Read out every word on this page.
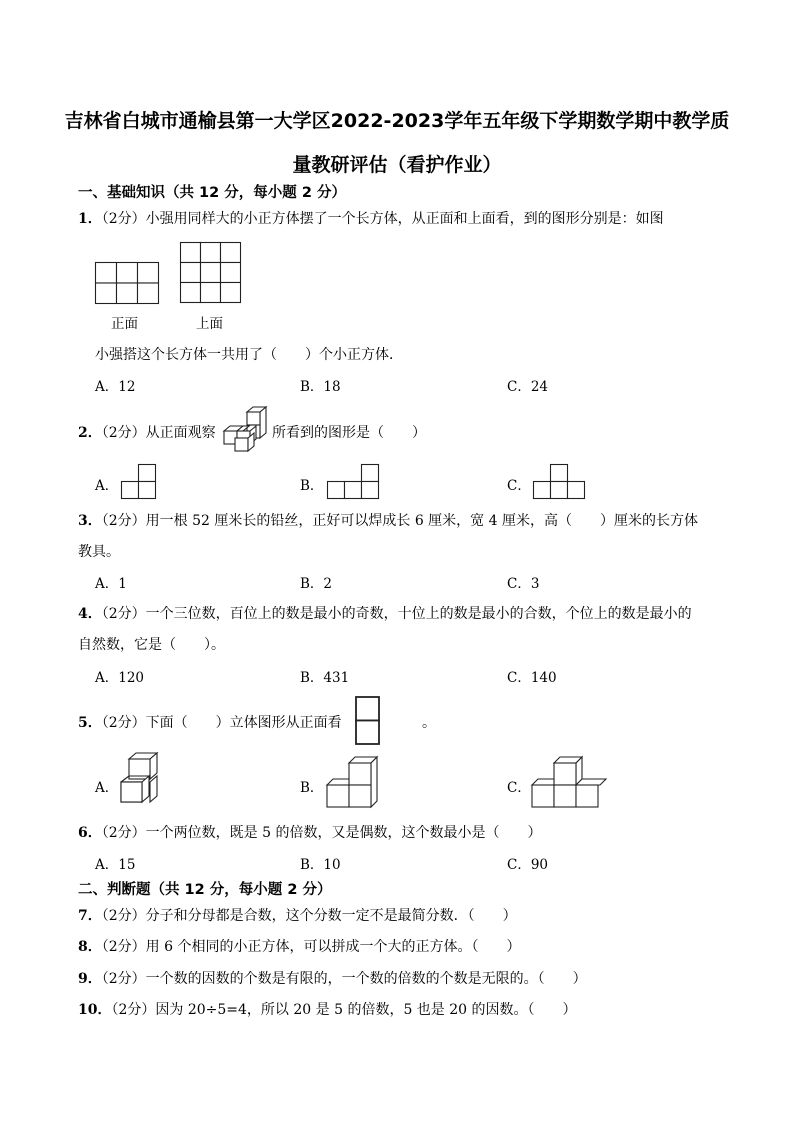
吉林省白城市通榆县第一大学区2022-2023学年五年级下学期数学期中教学质
量教研评估（看护作业）
一、基础知识（共 12 分，每小题 2 分）
1．（2分）小强用同样大的小正方体摆了一个长方体，从正面和上面看，到的图形分别是：如图
正面	上面
小强搭这个长方体一共用了（　　）个小正方体．
A．12	B．18	C．24
2．（2分）从正面观察	所看到的图形是（　　）
A．	B．	C．
3．（2分）用一根 52 厘米长的铅丝，正好可以焊成长 6 厘米，宽 4 厘米，高（　　）厘米的长方体
教具。
A．1	B．2	C．3
4．（2分）一个三位数，百位上的数是最小的奇数，十位上的数是最小的合数，个位上的数是最小的
自然数，它是（　　）。
A．120	B．431	C．140
5．（2分）下面（　　）立体图形从正面看	。
A．	B．	C．
6．（2分）一个两位数，既是 5 的倍数，又是偶数，这个数最小是（　　）
A．15	B．10	C．90
二、判断题（共 12 分，每小题 2 分）
7．（2分）分子和分母都是合数，这个分数一定不是最简分数．（　　）
8．（2分）用 6 个相同的小正方体，可以拼成一个大的正方体。（　　）
9．（2分）一个数的因数的个数是有限的，一个数的倍数的个数是无限的。（　　）
10．（2分）因为 20÷5=4，所以 20 是 5 的倍数，5 也是 20 的因数。（　　）
